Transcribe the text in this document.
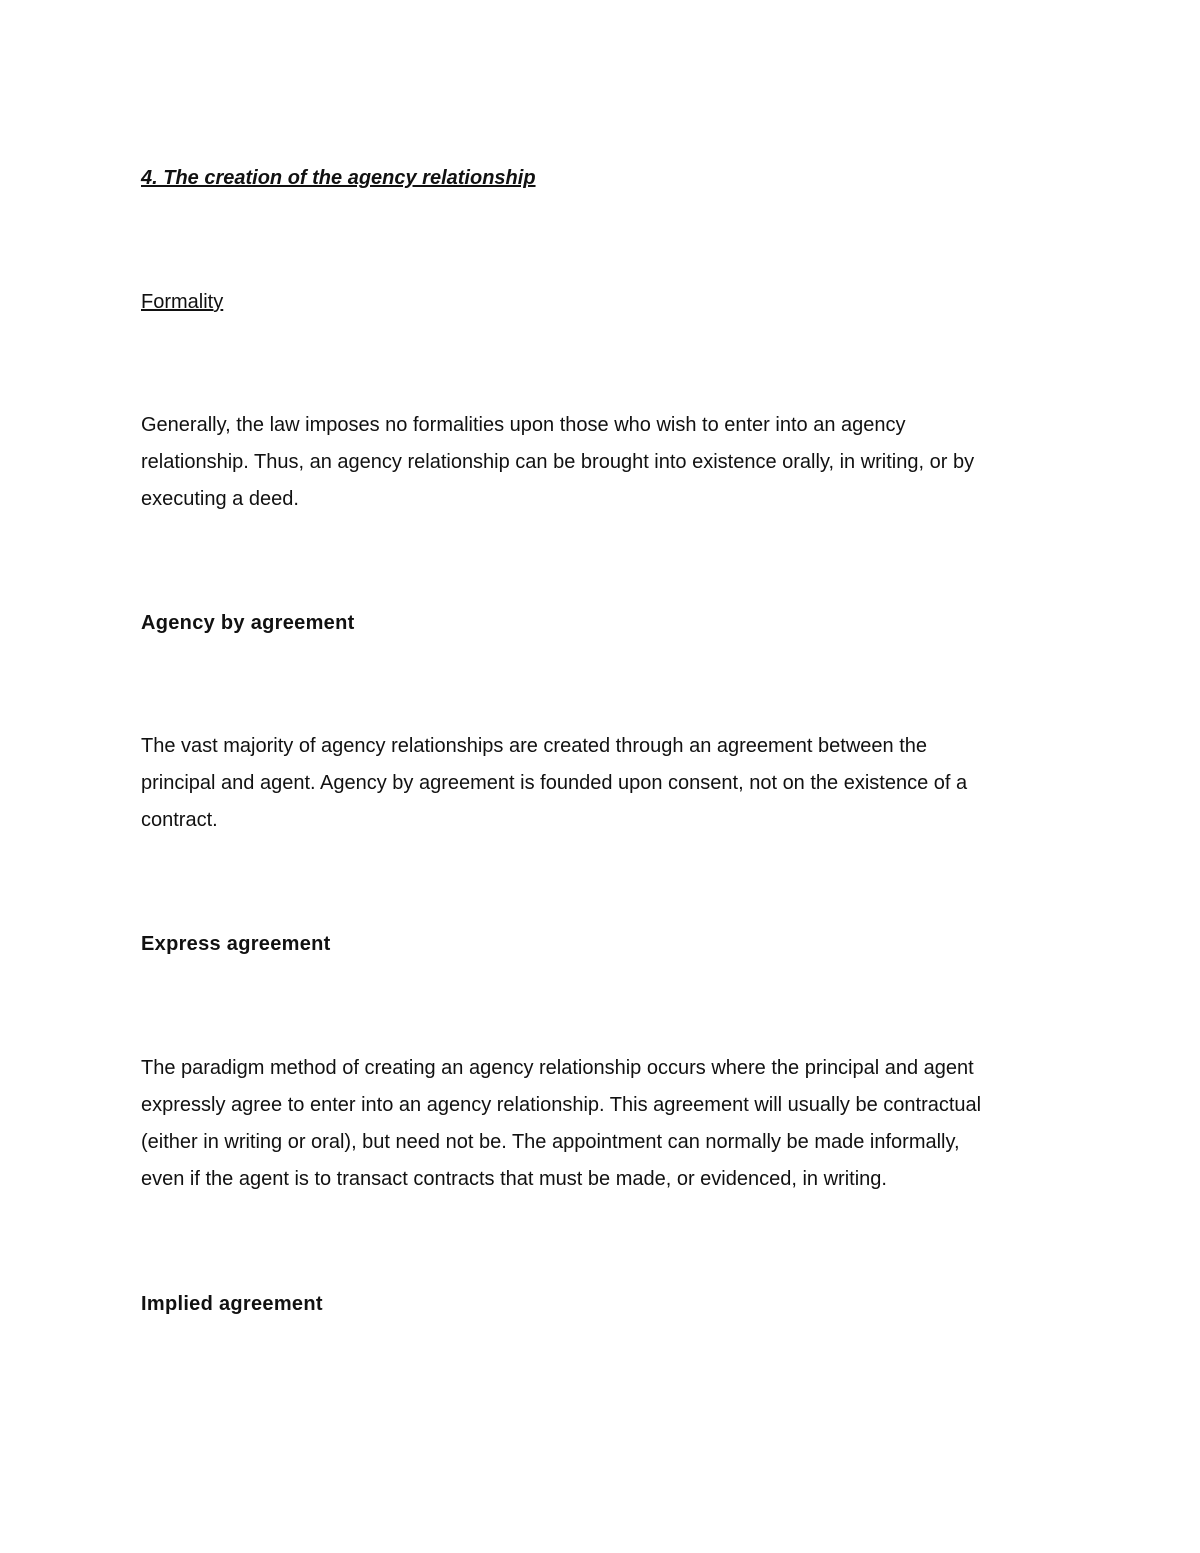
4. The creation of the agency relationship
Formality
Generally, the law imposes no formalities upon those who wish to enter into an agency
relationship. Thus, an agency relationship can be brought into existence orally, in writing, or by
executing a deed.
Agency by agreement
The vast majority of agency relationships are created through an agreement between the
principal and agent. Agency by agreement is founded upon consent, not on the existence of a
contract.
Express agreement
The paradigm method of creating an agency relationship occurs where the principal and agent
expressly agree to enter into an agency relationship. This agreement will usually be contractual
(either in writing or oral), but need not be. The appointment can normally be made informally,
even if the agent is to transact contracts that must be made, or evidenced, in writing.
Implied agreement
